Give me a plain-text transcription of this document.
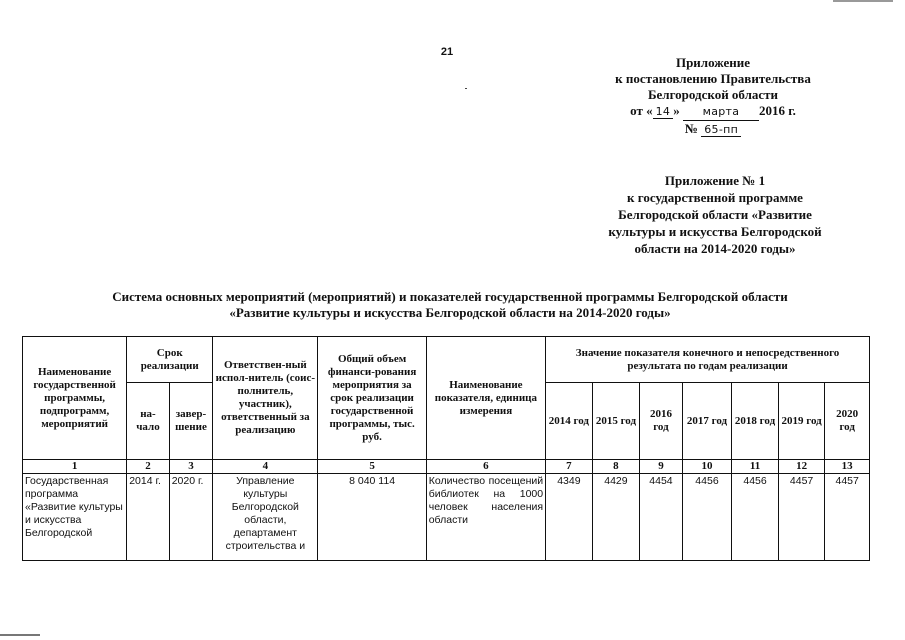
21
Приложение
к постановлению Правительства
Белгородской области
от « 14 » марта 2016 г.
№ 65-пп
Приложение № 1
к государственной программе
Белгородской области «Развитие
культуры и искусства Белгородской
области на 2014-2020 годы»
Система основных мероприятий (мероприятий) и показателей государственной программы Белгородской области
«Развитие культуры и искусства Белгородской области на 2014-2020 годы»
Наименование государственной программы, подпрограмм, мероприятий	Срок реализации		Ответствен-ный испол-нитель (соис-полнитель, участник), ответственный за реализацию	Общий объем финанси-рования мероприятия за срок реализации государственной программы, тыс. руб.	Наименование показателя, единица измерения	Значение показателя конечного и непосредственного результата по годам реализации						
	на-чало	завер-шение				2014 год	2015 год	2016 год	2017 год	2018 год	2019 год	2020 год
1	2	3	4	5	6	7	8	9	10	11	12	13
Государственная программа «Развитие культуры и искусства Белгородской	2014 г.	2020 г.	Управление культуры Белгородской области, департамент строительства и	8 040 114	Количество посещений библиотек на 1000 человек населения области	4349	4429	4454	4456	4456	4457	4457
